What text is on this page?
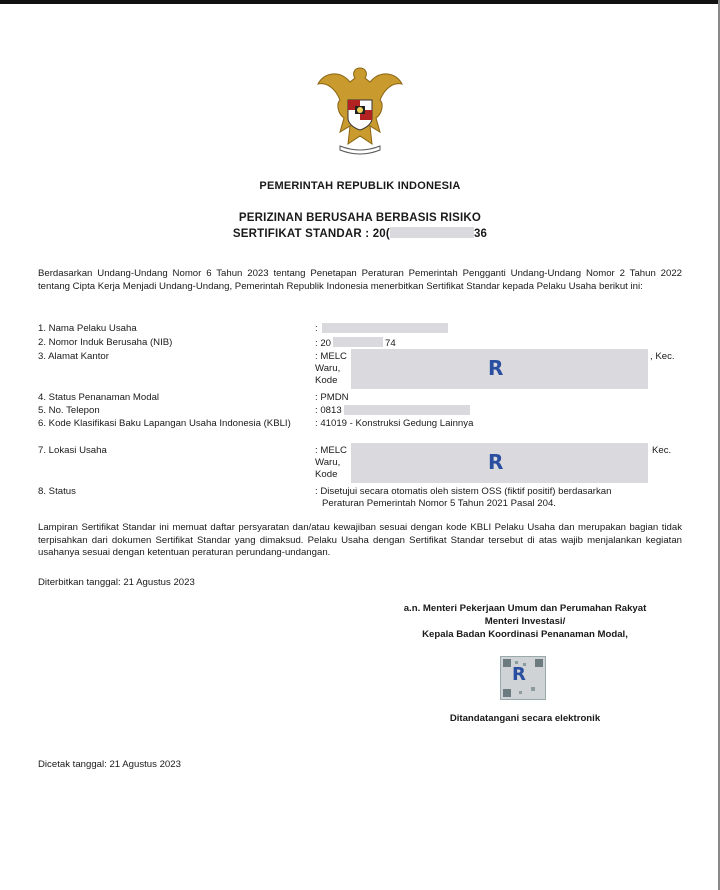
PEMERINTAH REPUBLIK INDONESIA
PERIZINAN BERUSAHA BERBASIS RISIKO
SERTIFIKAT STANDAR : 20(	36
Berdasarkan Undang-Undang Nomor 6 Tahun 2023 tentang Penetapan Peraturan Pemerintah Pengganti Undang-Undang Nomor 2 Tahun 2022 tentang Cipta Kerja Menjadi Undang-Undang, Pemerintah Republik Indonesia menerbitkan Sertifikat Standar kepada Pelaku Usaha berikut ini:
1. Nama Pelaku Usaha	:
2. Nomor Induk Berusaha (NIB)	: 20	74
3. Alamat Kantor	: MELC
Waru,
Kode
, Kec.
R
4. Status Penanaman Modal	: PMDN
5. No. Telepon	: 0813
6. Kode Klasifikasi Baku Lapangan Usaha Indonesia (KBLI)	: 41019 - Konstruksi Gedung Lainnya
7. Lokasi Usaha	: MELC
Waru,
Kode
Kec.
R
8. Status	: Disetujui secara otomatis oleh sistem OSS (fiktif positif) berdasarkan
Peraturan Pemerintah Nomor 5 Tahun 2021 Pasal 204.
Lampiran Sertifikat Standar ini memuat daftar persyaratan dan/atau kewajiban sesuai dengan kode KBLI Pelaku Usaha dan merupakan bagian tidak terpisahkan dari dokumen Sertifikat Standar yang dimaksud. Pelaku Usaha dengan Sertifikat Standar tersebut di atas wajib menjalankan kegiatan usahanya sesuai dengan ketentuan peraturan perundang-undangan.
Diterbitkan tanggal: 21 Agustus 2023
a.n. Menteri Pekerjaan Umum dan Perumahan Rakyat
Menteri Investasi/
Kepala Badan Koordinasi Penanaman Modal,
R
Ditandatangani secara elektronik
Dicetak tanggal: 21 Agustus 2023
